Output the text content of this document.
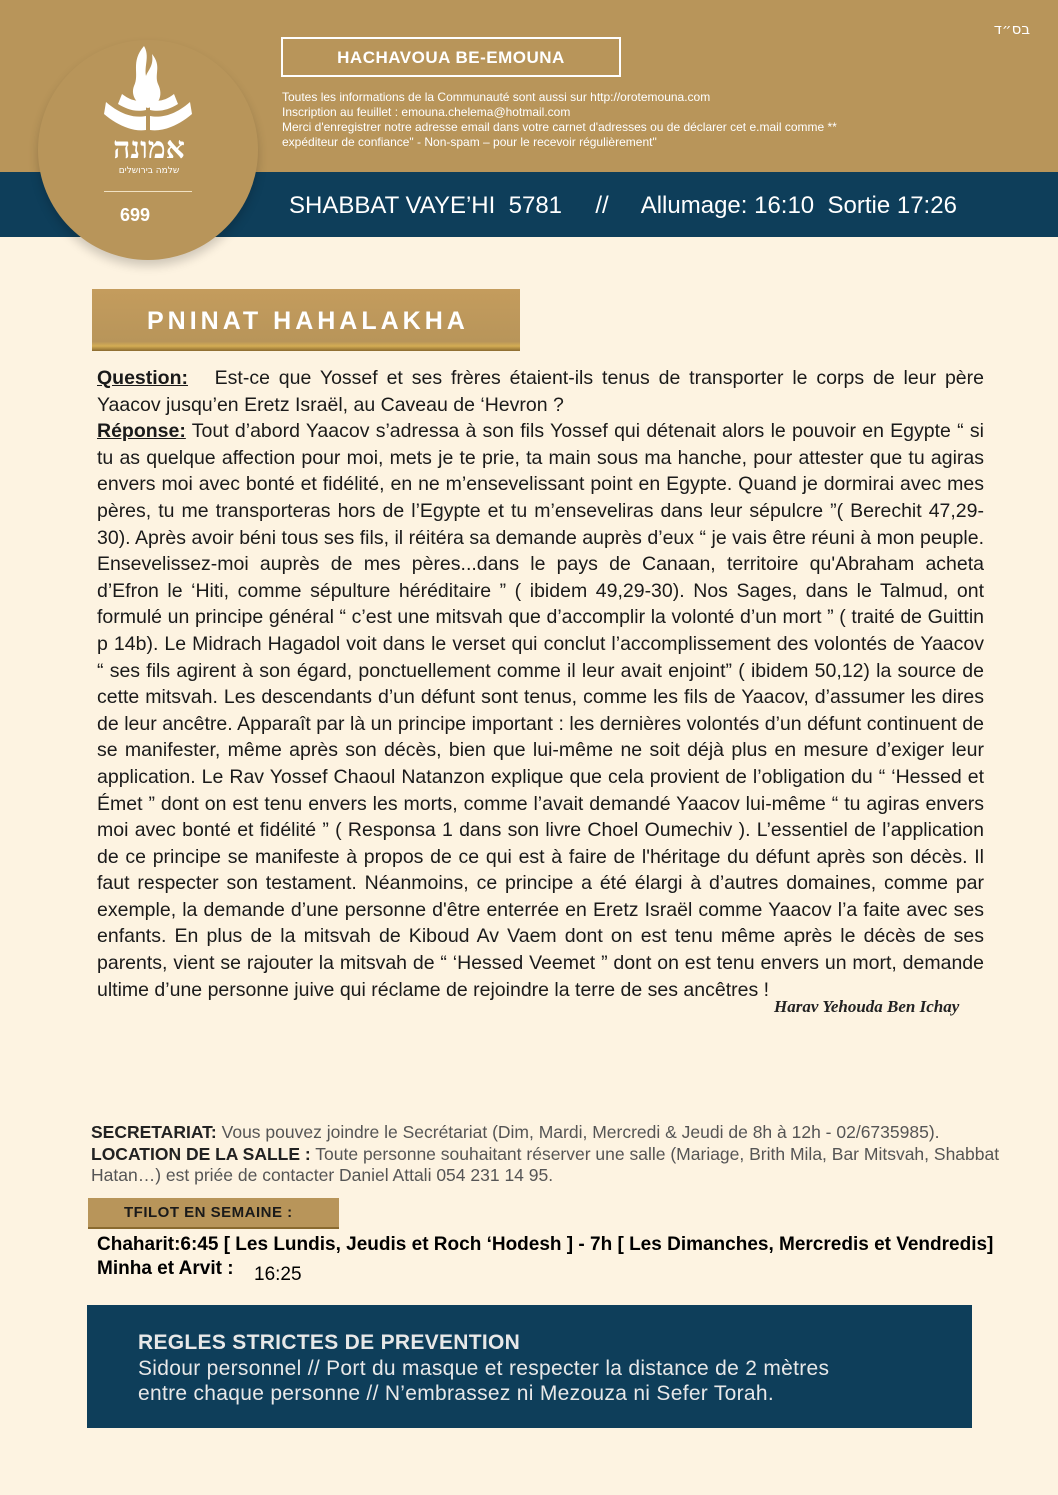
בס״ד
אמונה
שלמה בירושלים
699
HACHAVOUA BE-EMOUNA
Toutes les informations de la Communauté sont aussi sur http://orotemouna.com
Inscription au feuillet : emouna.chelema@hotmail.com
Merci d'enregistrer notre adresse email dans votre carnet d'adresses ou de déclarer cet e.mail comme **
expéditeur de confiance" - Non-spam – pour le recevoir régulièrement"
SHABBAT VAYE’HI  5781     //     Allumage: 16:10  Sortie 17:26
PNINAT HAHALAKHA

Question: Est-ce que Yossef et ses frères étaient-ils tenus de transporter le corps de leur père Yaacov jusqu’en Eretz Israël, au Caveau de ‘Hevron ?

Réponse: Tout d’abord Yaacov s’adressa à son fils Yossef qui détenait alors le pouvoir en Egypte “ si tu as quelque affection pour moi, mets je te prie, ta main sous ma hanche, pour attester que tu agiras envers moi avec bonté et fidélité, en ne m’ensevelissant point en Egypte. Quand je dormirai avec mes pères, tu me transporteras hors de l’Egypte et tu m’enseveliras dans leur sépulcre ”( Berechit 47,29-30). Après avoir béni tous ses fils, il réitéra sa demande auprès d’eux “ je vais être réuni à mon peuple. Ensevelissez-moi auprès de mes pères...dans le pays de Canaan, territoire qu'Abraham acheta d’Efron le ‘Hiti, comme sépulture héréditaire ” ( ibidem 49,29-30). Nos Sages, dans le Talmud, ont formulé un principe général “ c’est une mitsvah que d’accomplir la volonté d’un mort ” ( traité de Guittin p 14b). Le Midrach Hagadol voit dans le verset qui conclut l’accomplissement des volontés de Yaacov “ ses fils agirent à son égard, ponctuellement comme il leur avait enjoint” ( ibidem 50,12) la source de cette mitsvah. Les descendants d’un défunt sont tenus, comme les fils de Yaacov, d’assumer les dires de leur ancêtre. Apparaît par là un principe important : les dernières volontés d’un défunt continuent de se manifester, même après son décès, bien que lui-même ne soit déjà plus en mesure d’exiger leur application. Le Rav Yossef Chaoul Natanzon explique que cela provient de l’obligation du “ ‘Hessed et Émet ” dont on est tenu envers les morts, comme l’avait demandé Yaacov lui-même “ tu agiras envers moi avec bonté et fidélité ” ( Responsa 1 dans son livre Choel Oumechiv ). L’essentiel de l’application de ce principe se manifeste à propos de ce qui est à faire de l'héritage du défunt après son décès. Il faut respecter son testament. Néanmoins, ce principe a été élargi à d’autres domaines, comme par exemple, la demande d’une personne d'être enterrée en Eretz Israël comme Yaacov l’a faite avec ses enfants. En plus de la mitsvah de Kiboud Av Vaem dont on est tenu même après le décès de ses parents, vient se rajouter la mitsvah de “ ‘Hessed Veemet ” dont on est tenu envers un mort, demande ultime d’une personne juive qui réclame de rejoindre la terre de ses ancêtres !

Harav Yehouda Ben Ichay
SECRETARIAT: Vous pouvez joindre le Secrétariat (Dim, Mardi, Mercredi & Jeudi de 8h à 12h - 02/6735985).
LOCATION DE LA SALLE : Toute personne souhaitant réserver une salle (Mariage, Brith Mila, Bar Mitsvah, Shabbat Hatan…) est priée de contacter Daniel Attali 054 231 14 95.
TFILOT EN SEMAINE :
Chaharit:6:45 [ Les Lundis, Jeudis et Roch ‘Hodesh ] - 7h [ Les Dimanches, Mercredis et Vendredis]
Minha et Arvit : 16:25
REGLES STRICTES DE PREVENTION
Sidour personnel // Port du masque et respecter la distance de 2 mètres
entre chaque personne // N’embrassez ni Mezouza ni Sefer Torah.
